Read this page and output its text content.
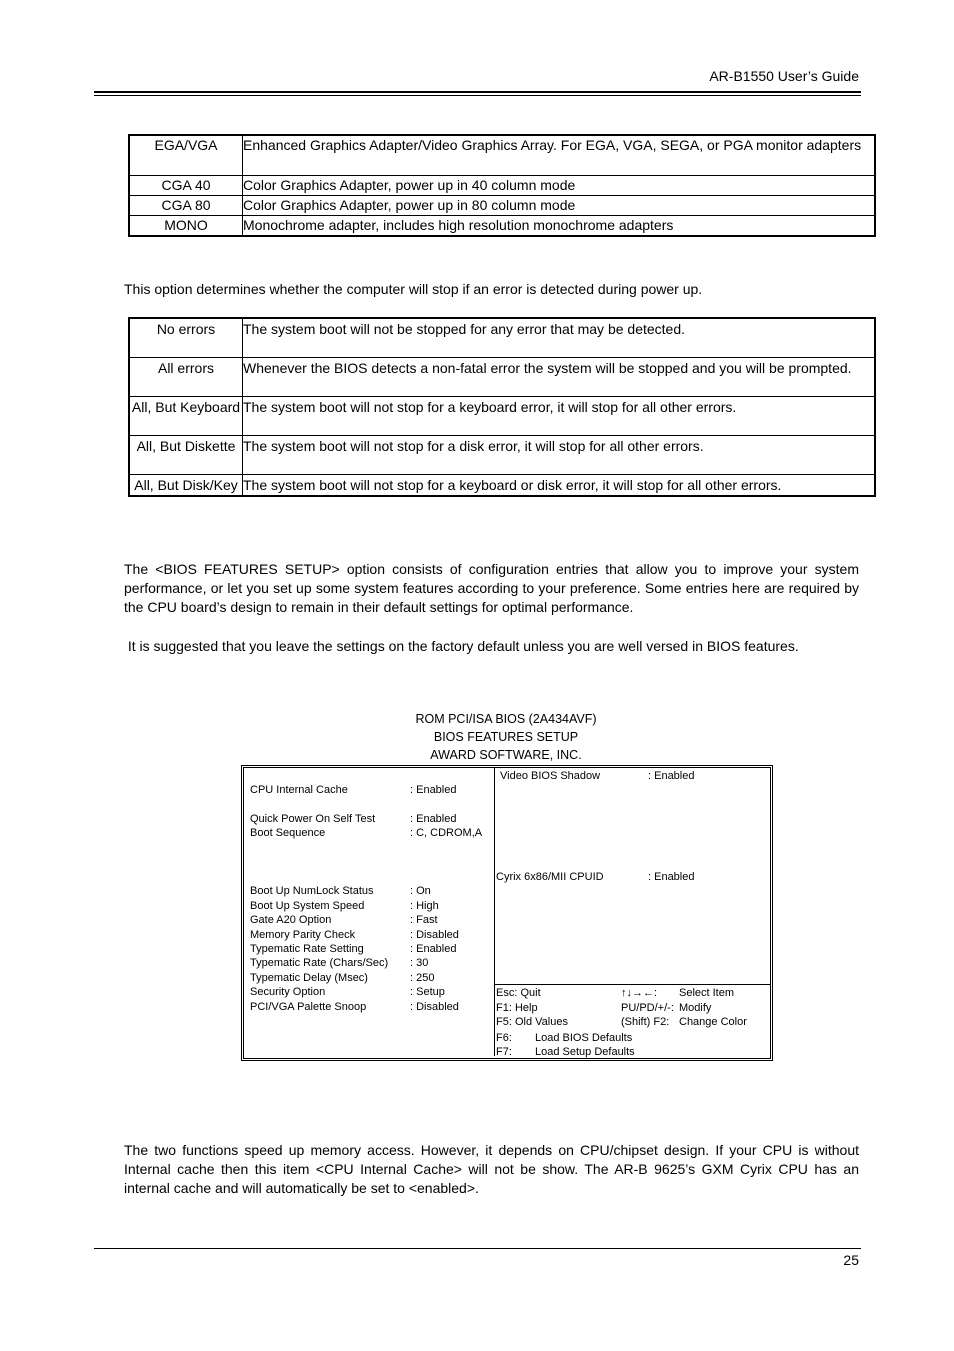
AR-B1550 User’s Guide
EGA/VGA	Enhanced Graphics Adapter/Video Graphics Array. For EGA, VGA, SEGA, or PGA monitor adapters
CGA 40	Color Graphics Adapter, power up in 40 column mode
CGA 80	Color Graphics Adapter, power up in 80 column mode
MONO	Monochrome adapter, includes high resolution monochrome adapters
This option determines whether the computer will stop if an error is detected during power up.
No errors	The system boot will not be stopped for any error that may be detected.
All errors	Whenever the BIOS detects a non-fatal error the system will be stopped and you will be prompted.
All, But Keyboard	The system boot will not stop for a keyboard error, it will stop for all other errors.
All, But Diskette	The system boot will not stop for a disk error, it will stop for all other errors.
All, But Disk/Key	The system boot will not stop for a keyboard or disk error, it will stop for all other errors.
The <BIOS FEATURES SETUP> option consists of configuration entries that allow you to improve your system performance, or let you set up some system features according to your preference. Some entries here are required by the CPU board’s design to remain in their default settings for optimal performance.
It is suggested that you leave the settings on the factory default unless you are well versed in BIOS features.
ROM PCI/ISA BIOS (2A434AVF)
BIOS FEATURES SETUP
AWARD SOFTWARE, INC.
CPU Internal Cache	: Enabled
Quick Power On Self Test	: Enabled
Boot Sequence	: C, CDROM,A
Boot Up NumLock Status	: On
Boot Up System Speed	: High
Gate A20 Option	: Fast
Memory Parity Check	: Disabled
Typematic Rate Setting	: Enabled
Typematic Rate (Chars/Sec) : 30
Typematic Delay (Msec)	: 250
Security Option	: Setup
PCI/VGA Palette Snoop	: Disabled
Video BIOS Shadow	: Enabled
Cyrix 6x86/MII CPUID	: Enabled
Esc: Quit	↑↓→←: Select Item
F1: Help	PU/PD/+/-: Modify
F5: Old Values	(Shift) F2: Change Color
F6: Load BIOS Defaults
F7: Load Setup Defaults
The two functions speed up memory access. However, it depends on CPU/chipset design. If your CPU is without Internal cache then this item <CPU Internal Cache> will not be show. The AR-B 9625’s GXM Cyrix CPU has an internal cache and will automatically be set to <enabled>.
25
